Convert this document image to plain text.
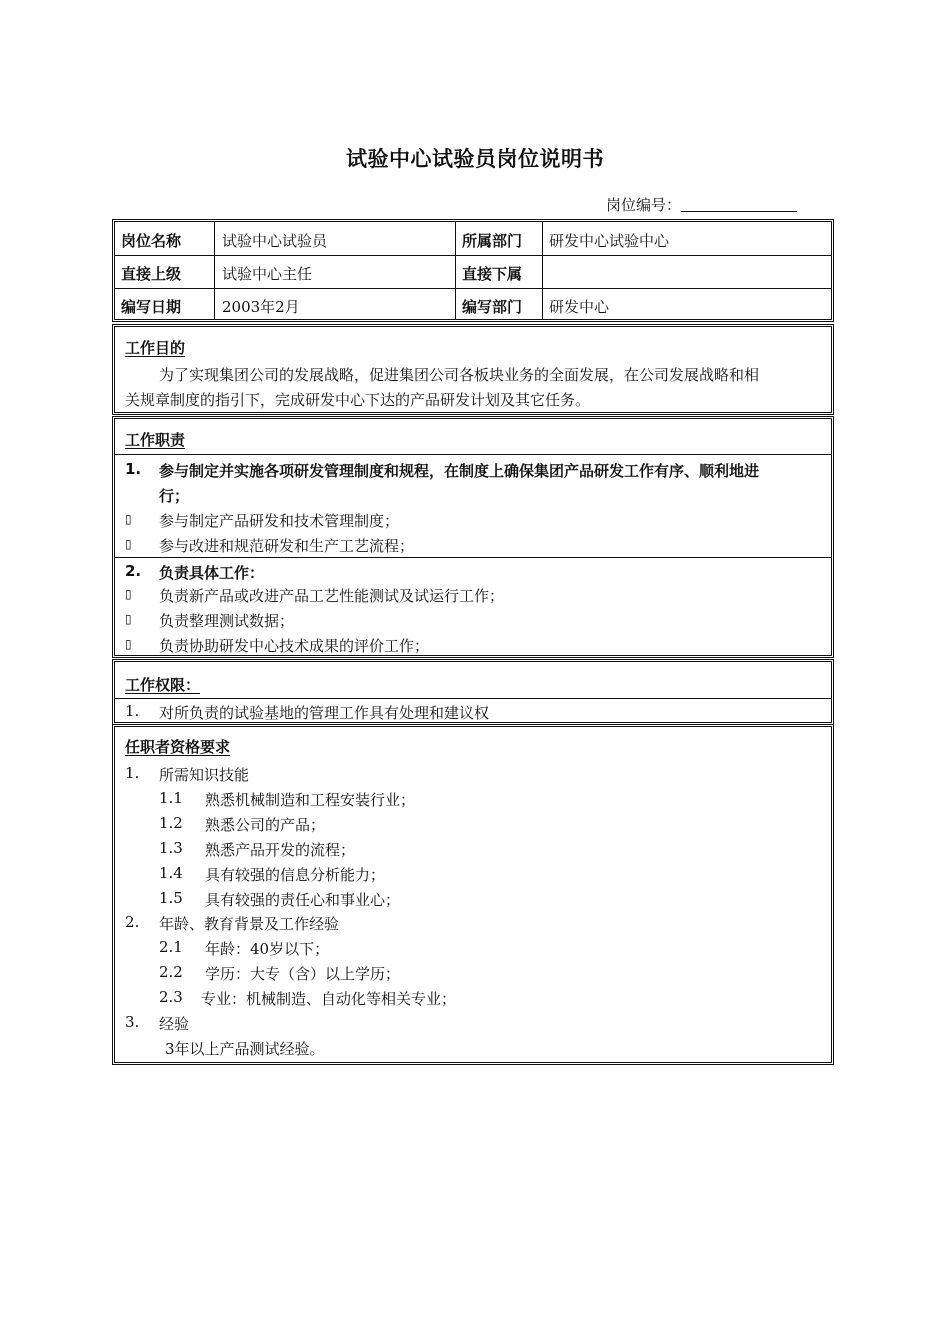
试验中心试验员岗位说明书
岗位编号：
岗位名称	试验中心试验员	所属部门 研发中心试验中心
直接上级	试验中心主任	直接下属
编写日期	2003年2月	编写部门 研发中心
工作目的
为了实现集团公司的发展战略，促进集团公司各板块业务的全面发展，在公司发展战略和相
关规章制度的指引下，完成研发中心下达的产品研发计划及其它任务。
工作职责
1. 参与制定并实施各项研发管理制度和规程，在制度上确保集团产品研发工作有序、顺利地进
行；
▯ 参与制定产品研发和技术管理制度；
▯ 参与改进和规范研发和生产工艺流程；
2. 负责具体工作：
▯ 负责新产品或改进产品工艺性能测试及试运行工作；
▯ 负责整理测试数据；
▯ 负责协助研发中心技术成果的评价工作；
工作权限：
1. 对所负责的试验基地的管理工作具有处理和建议权
任职者资格要求
1. 所需知识技能
1.1 熟悉机械制造和工程安装行业；
1.2 熟悉公司的产品；
1.3 熟悉产品开发的流程；
1.4 具有较强的信息分析能力；
1.5 具有较强的责任心和事业心；
2. 年龄、教育背景及工作经验
2.1 年龄：40岁以下；
2.2 学历：大专（含）以上学历；
2.3 专业：机械制造、自动化等相关专业；
3. 经验
3年以上产品测试经验。
